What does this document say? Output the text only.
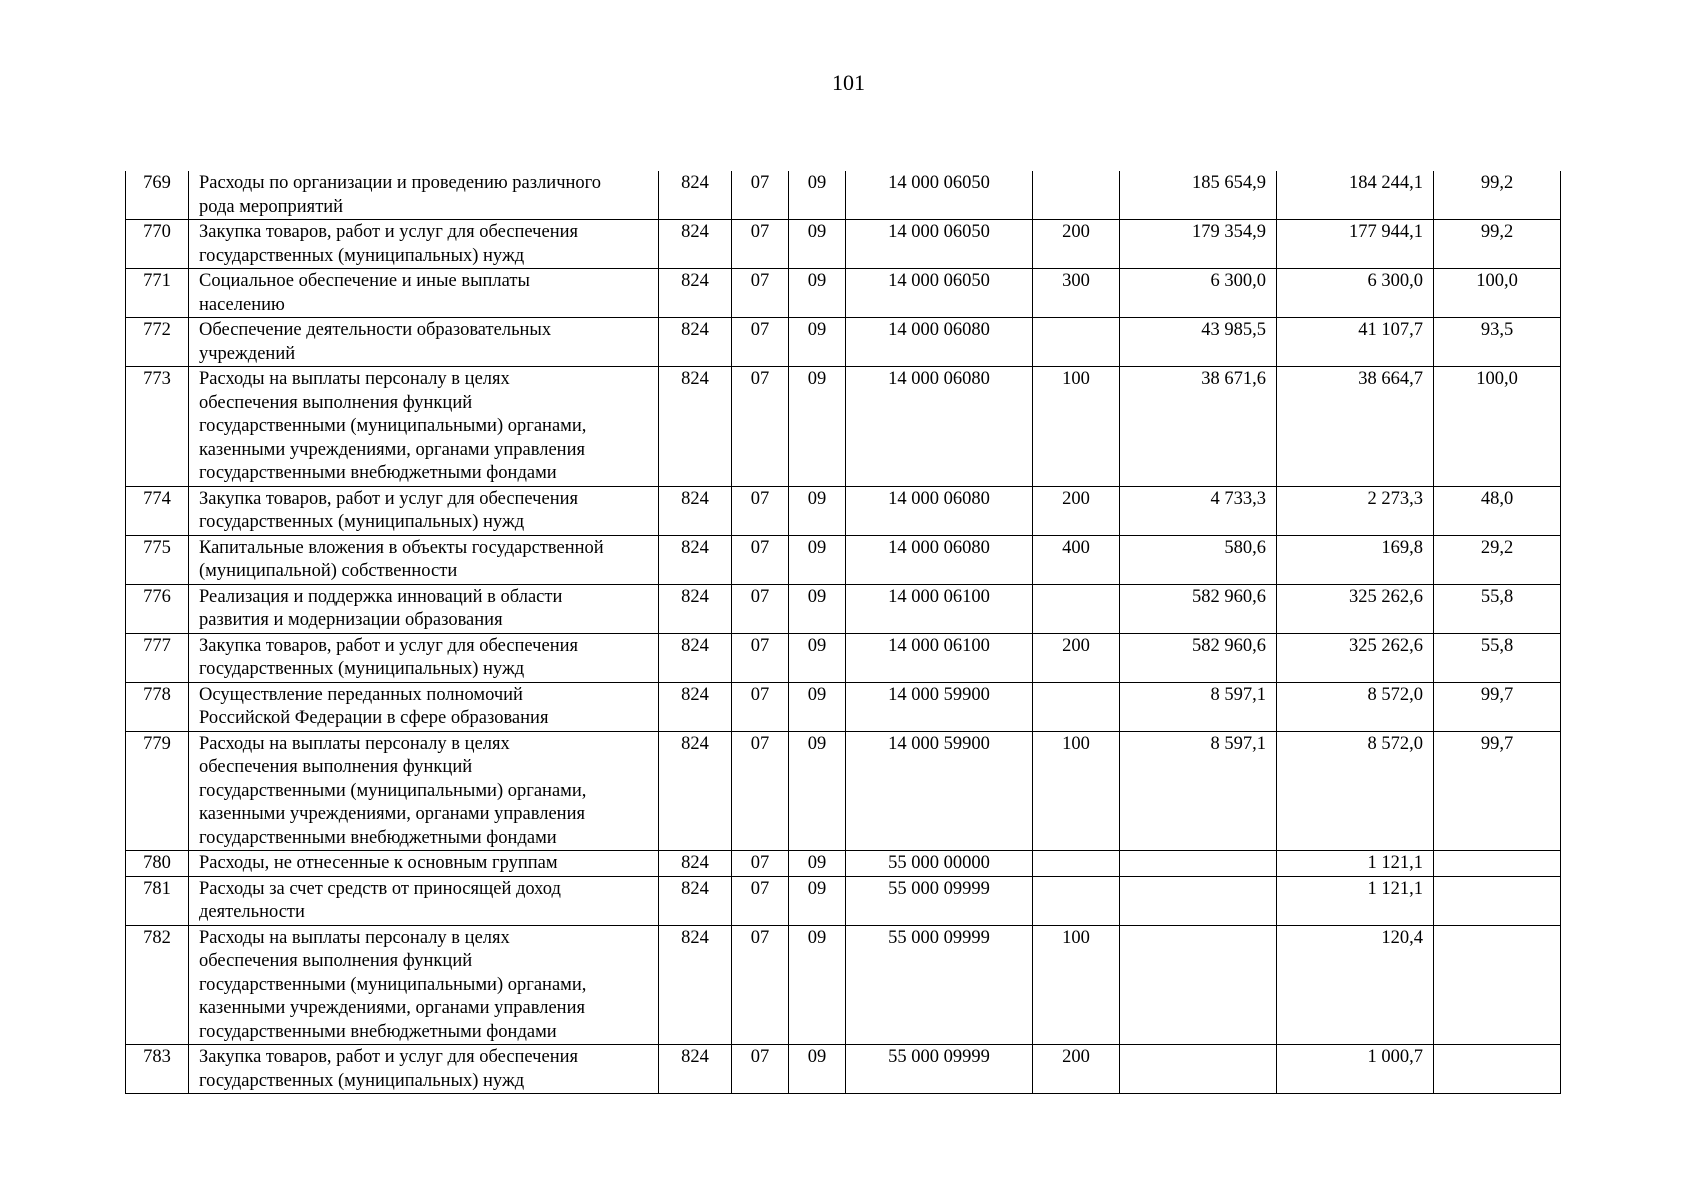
101
769	Расходы по организации и проведению различного
рода мероприятий	824	07	09	14 000 06050		185 654,9	184 244,1	99,2
770	Закупка товаров, работ и услуг для обеспечения
государственных (муниципальных) нужд	824	07	09	14 000 06050	200	179 354,9	177 944,1	99,2
771	Социальное обеспечение и иные выплаты
населению	824	07	09	14 000 06050	300	6 300,0	6 300,0	100,0
772	Обеспечение деятельности образовательных
учреждений	824	07	09	14 000 06080		43 985,5	41 107,7	93,5
773	Расходы на выплаты персоналу в целях
обеспечения выполнения функций
государственными (муниципальными) органами,
казенными учреждениями, органами управления
государственными внебюджетными фондами	824	07	09	14 000 06080	100	38 671,6	38 664,7	100,0
774	Закупка товаров, работ и услуг для обеспечения
государственных (муниципальных) нужд	824	07	09	14 000 06080	200	4 733,3	2 273,3	48,0
775	Капитальные вложения в объекты государственной
(муниципальной) собственности	824	07	09	14 000 06080	400	580,6	169,8	29,2
776	Реализация и поддержка инноваций в области
развития и модернизации образования	824	07	09	14 000 06100		582 960,6	325 262,6	55,8
777	Закупка товаров, работ и услуг для обеспечения
государственных (муниципальных) нужд	824	07	09	14 000 06100	200	582 960,6	325 262,6	55,8
778	Осуществление переданных полномочий
Российской Федерации в сфере образования	824	07	09	14 000 59900		8 597,1	8 572,0	99,7
779	Расходы на выплаты персоналу в целях
обеспечения выполнения функций
государственными (муниципальными) органами,
казенными учреждениями, органами управления
государственными внебюджетными фондами	824	07	09	14 000 59900	100	8 597,1	8 572,0	99,7
780	Расходы, не отнесенные к основным группам	824	07	09	55 000 00000			1 121,1	
781	Расходы за счет средств от приносящей доход
деятельности	824	07	09	55 000 09999			1 121,1	
782	Расходы на выплаты персоналу в целях
обеспечения выполнения функций
государственными (муниципальными) органами,
казенными учреждениями, органами управления
государственными внебюджетными фондами	824	07	09	55 000 09999	100		120,4	
783	Закупка товаров, работ и услуг для обеспечения
государственных (муниципальных) нужд	824	07	09	55 000 09999	200		1 000,7	
